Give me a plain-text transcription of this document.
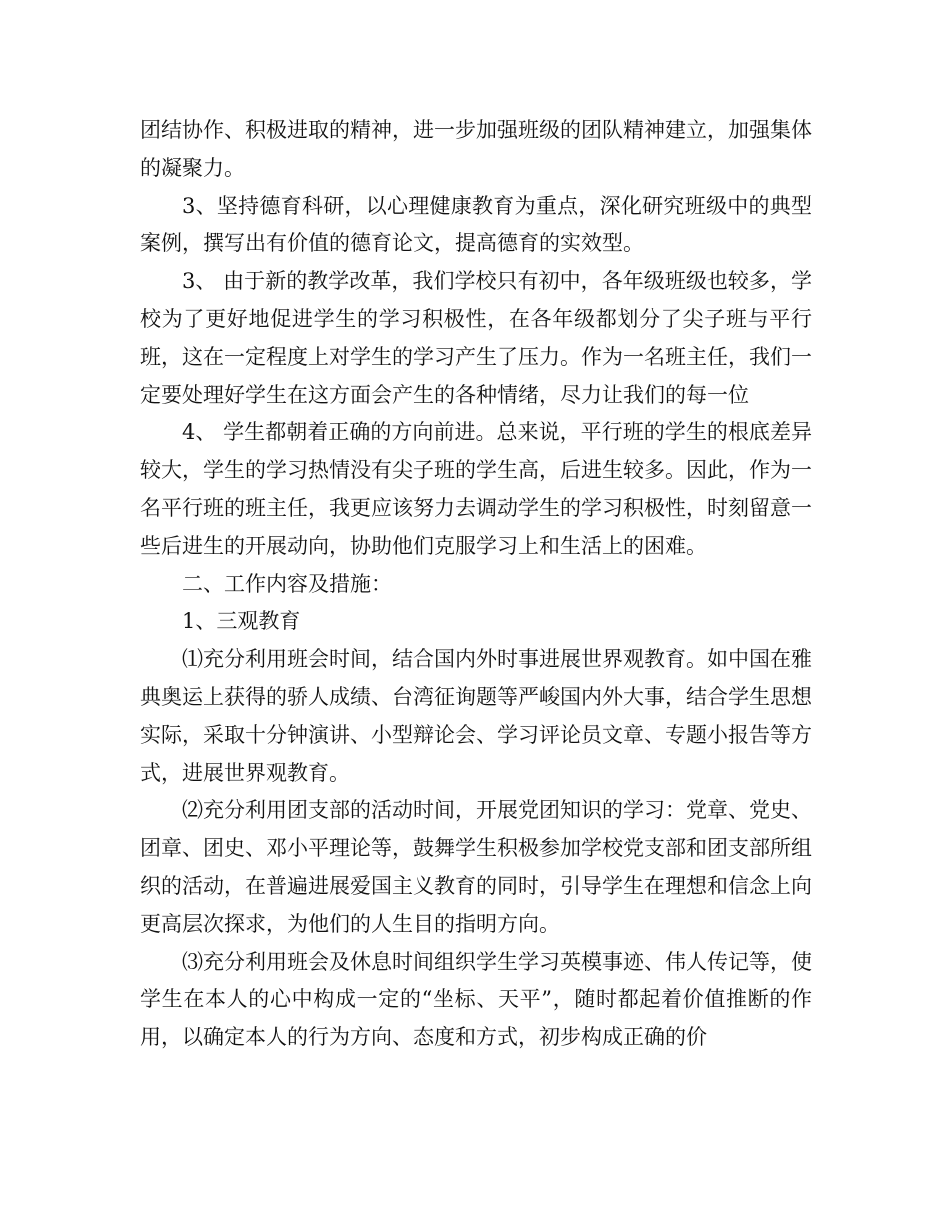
团结协作、积极进取的精神，进一步加强班级的团队精神建立，加强集体的凝聚力。

3、坚持德育科研，以心理健康教育为重点，深化研究班级中的典型案例，撰写出有价值的德育论文，提高德育的实效型。

3、 由于新的教学改革，我们学校只有初中，各年级班级也较多，学校为了更好地促进学生的学习积极性，在各年级都划分了尖子班与平行班，这在一定程度上对学生的学习产生了压力。作为一名班主任，我们一定要处理好学生在这方面会产生的各种情绪，尽力让我们的每一位

4、 学生都朝着正确的方向前进。总来说，平行班的学生的根底差异较大，学生的学习热情没有尖子班的学生高，后进生较多。因此，作为一名平行班的班主任，我更应该努力去调动学生的学习积极性，时刻留意一些后进生的开展动向，协助他们克服学习上和生活上的困难。

二、工作内容及措施：

1、三观教育

⑴充分利用班会时间，结合国内外时事进展世界观教育。如中国在雅典奥运上获得的骄人成绩、台湾征询题等严峻国内外大事，结合学生思想实际，采取十分钟演讲、小型辩论会、学习评论员文章、专题小报告等方式，进展世界观教育。

⑵充分利用团支部的活动时间，开展党团知识的学习：党章、党史、团章、团史、邓小平理论等，鼓舞学生积极参加学校党支部和团支部所组织的活动，在普遍进展爱国主义教育的同时，引导学生在理想和信念上向更高层次探求，为他们的人生目的指明方向。

⑶充分利用班会及休息时间组织学生学习英模事迹、伟人传记等，使学生在本人的心中构成一定的“坐标、天平”，随时都起着价值推断的作用，以确定本人的行为方向、态度和方式，初步构成正确的价
